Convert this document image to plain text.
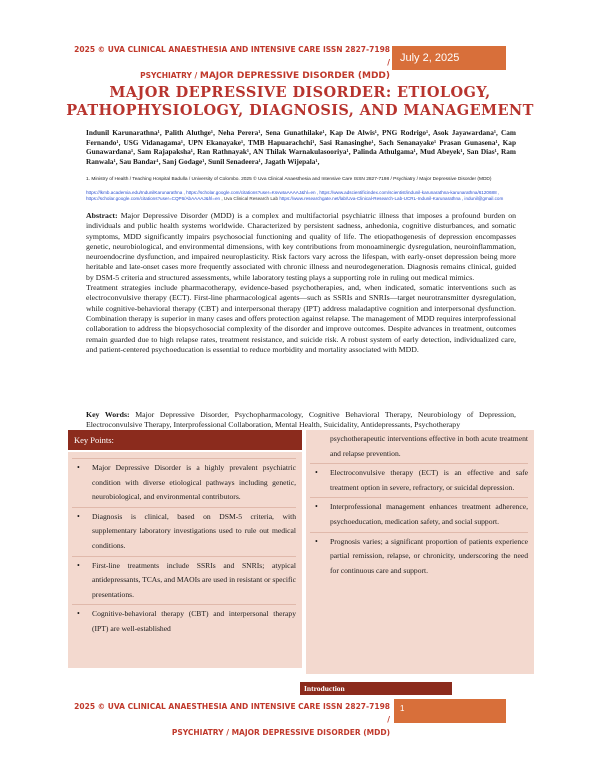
2025 © UVA CLINICAL ANAESTHESIA AND INTENSIVE CARE ISSN 2827-7198 /
PSYCHIATRY / MAJOR DEPRESSIVE DISORDER (MDD)
July 2, 2025
MAJOR DEPRESSIVE DISORDER: ETIOLOGY,
PATHOPHYSIOLOGY, DIAGNOSIS, AND MANAGEMENT
Indunil Karunarathna¹, Palith Aluthge¹, Neha Perera¹, Sena Gunathilake¹, Kap De Alwis¹, PNG Rodrigo¹, Asok Jayawardana¹, Cam Fernando¹, USG Vidanagama¹, UPN Ekanayake¹, TMB Hapuarachchi¹, Sasi Ranasinghe¹, Sach Senanayake¹ Prasan Gunasena¹, Kap Gunawardana¹, Sam Rajapaksha¹, Ran Rathnayak¹, AN Thilak Warnakulasooriya¹, Palinda Athulgama¹, Mud Abeyek¹, San Dias¹, Ram Ranwala¹, Sau Bandar¹, Sanj Godage¹, Sunil Senadeera¹, Jagath Wijepala¹,
1. Ministry of Health / Teaching Hospital Badulla / University of Colombo. 2025 © Uva Clinical Anaesthesia and Intensive Care ISSN 2827-7198 / Psychiatry / Major Depressive Disorder (MDD)
https://lkmb.academia.edu/IndunilKarunarathna , https://scholar.google.com/citations?user=KsvwIaAAAAJ&hl=en , https://www.adscientificindex.com/scientist/indunil-karunarathna-karunarathna/6120688 , https://scholar.google.com/citations?user=CQP6/AbAAAAJ&hl=en , Uva Clinical Research Lab https://www.researchgate.net/lab/Uva-Clinical-Research-Lab-UCRL-Indunil-Karunarathna , indunil@gmail.com

Abstract: Major Depressive Disorder (MDD) is a complex and multifactorial psychiatric illness that imposes a profound burden on individuals and public health systems worldwide. Characterized by persistent sadness, anhedonia, cognitive disturbances, and somatic symptoms, MDD significantly impairs psychosocial functioning and quality of life. The etiopathogenesis of depression encompasses genetic, neurobiological, and environmental dimensions, with key contributions from monoaminergic dysregulation, neuroinflammation, neuroendocrine dysfunction, and impaired neuroplasticity. Risk factors vary across the lifespan, with early-onset depression being more heritable and late-onset cases more frequently associated with chronic illness and neurodegeneration. Diagnosis remains clinical, guided by DSM-5 criteria and structured assessments, while laboratory testing plays a supporting role in ruling out medical mimics.

Treatment strategies include pharmacotherapy, evidence-based psychotherapies, and, when indicated, somatic interventions such as electroconvulsive therapy (ECT). First-line pharmacological agents—such as SSRIs and SNRIs—target neurotransmitter dysregulation, while cognitive-behavioral therapy (CBT) and interpersonal therapy (IPT) address maladaptive cognition and interpersonal dysfunction. Combination therapy is superior in many cases and offers protection against relapse. The management of MDD requires interprofessional collaboration to address the biopsychosocial complexity of the disorder and improve outcomes. Despite advances in treatment, outcomes remain guarded due to high relapse rates, treatment resistance, and suicide risk. A robust system of early detection, individualized care, and patient-centered psychoeducation is essential to reduce morbidity and mortality associated with MDD.

Key Words: Major Depressive Disorder, Psychopharmacology, Cognitive Behavioral Therapy, Neurobiology of Depression, Electroconvulsive Therapy, Interprofessional Collaboration, Mental Health, Suicidality, Antidepressants, Psychotherapy
Key Points:
• Major Depressive Disorder is a highly prevalent psychiatric condition with diverse etiological pathways including genetic, neurobiological, and environmental contributors.
• Diagnosis is clinical, based on DSM-5 criteria, with supplementary laboratory investigations used to rule out medical conditions.
• First-line treatments include SSRIs and SNRIs; atypical antidepressants, TCAs, and MAOIs are used in resistant or specific presentations.
• Cognitive-behavioral therapy (CBT) and interpersonal therapy (IPT) are well-established
psychotherapeutic interventions effective in both acute treatment and relapse prevention.
• Electroconvulsive therapy (ECT) is an effective and safe treatment option in severe, refractory, or suicidal depression.
• Interprofessional management enhances treatment adherence, psychoeducation, medication safety, and social support.
• Prognosis varies; a significant proportion of patients experience partial remission, relapse, or chronicity, underscoring the need for continuous care and support.
Introduction
2025 © UVA CLINICAL ANAESTHESIA AND INTENSIVE CARE ISSN 2827-7198 /
PSYCHIATRY / MAJOR DEPRESSIVE DISORDER (MDD)
1
